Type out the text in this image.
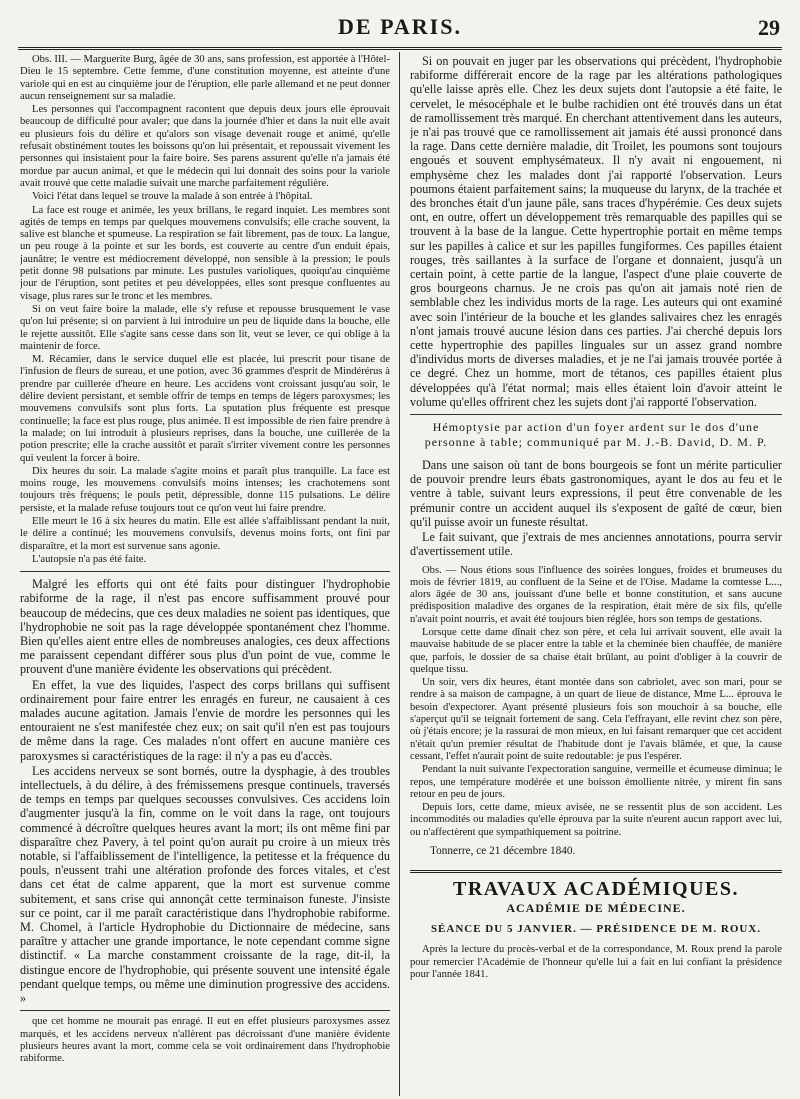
DE PARIS.	29

Obs. III. — Marguerite Burg, âgée de 30 ans, sans profession, est apportée à l'Hôtel-Dieu le 15 septembre. Cette femme, d'une constitution moyenne, est atteinte d'une variole qui en est au cinquième jour de l'éruption, elle parle allemand et ne peut donner aucun renseignement sur sa maladie.

Les personnes qui l'accompagnent racontent que depuis deux jours elle éprouvait beaucoup de difficulté pour avaler; que dans la journée d'hier et dans la nuit elle avait eu plusieurs fois du délire et qu'alors son visage devenait rouge et animé, qu'elle refusait obstinément toutes les boissons qu'on lui présentait, et repoussait vivement les personnes qui insistaient pour la faire boire. Ses parens assurent qu'elle n'a jamais été mordue par aucun animal, et que le médecin qui lui donnait des soins pour la variole avait trouvé que cette maladie suivait une marche parfaitement régulière.

Voici l'état dans lequel se trouve la malade à son entrée à l'hôpital.

La face est rouge et animée, les yeux brillans, le regard inquiet. Les membres sont agités de temps en temps par quelques mouvemens convulsifs; elle crache souvent, la salive est blanche et spumeuse. La respiration se fait librement, pas de toux. La langue, un peu rouge à la pointe et sur les bords, est couverte au centre d'un enduit épais, jaunâtre; le ventre est médiocrement développé, non sensible à la pression; le pouls petit donne 98 pulsations par minute. Les pustules varioliques, quoiqu'au cinquième jour de l'éruption, sont petites et peu développées, elles sont presque confluentes au visage, plus rares sur le tronc et les membres.

Si on veut faire boire la malade, elle s'y refuse et repousse brusquement le vase qu'on lui présente; si on parvient à lui introduire un peu de liquide dans la bouche, elle le rejette aussitôt. Elle s'agite sans cesse dans son lit, veut se lever, ce qui oblige à la maintenir de force.

M. Récamier, dans le service duquel elle est placée, lui prescrit pour tisane de l'infusion de fleurs de sureau, et une potion, avec 36 grammes d'esprit de Mindérérus à prendre par cuillerée d'heure en heure. Les accidens vont croissant jusqu'au soir, le délire devient persistant, et semble offrir de temps en temps de légers paroxysmes; les mouvemens convulsifs sont plus forts. La sputation plus fréquente est presque continuelle; la face est plus rouge, plus animée. Il est impossible de rien faire prendre à la malade; on lui introduit à plusieurs reprises, dans la bouche, une cuillerée de la potion prescrite; elle la crache aussitôt et paraît s'irriter vivement contre les personnes qui veulent la forcer à boire.

Dix heures du soir. La malade s'agite moins et paraît plus tranquille. La face est moins rouge, les mouvemens convulsifs moins intenses; les crachotemens sont toujours très fréquens; le pouls petit, dépressible, donne 115 pulsations. Le délire persiste, et la malade refuse toujours tout ce qu'on veut lui faire prendre.

Elle meurt le 16 à six heures du matin. Elle est allée s'affaiblissant pendant la nuit, le délire a continué; les mouvemens convulsifs, devenus moins forts, ont fini par disparaître, et la mort est survenue sans agonie.

L'autopsie n'a pas été faite.

Malgré les efforts qui ont été faits pour distinguer l'hydrophobie rabiforme de la rage, il n'est pas encore suffisamment prouvé pour beaucoup de médecins, que ces deux maladies ne soient pas identiques, que l'hydrophobie ne soit pas la rage développée spontanément chez l'homme. Bien qu'elles aient entre elles de nombreuses analogies, ces deux affections me paraissent cependant différer sous plus d'un point de vue, comme le prouvent d'une manière évidente les observations qui précèdent.

En effet, la vue des liquides, l'aspect des corps brillans qui suffisent ordinairement pour faire entrer les enragés en fureur, ne causaient à ces malades aucune agitation. Jamais l'envie de mordre les personnes qui les entouraient ne s'est manifestée chez eux; on sait qu'il n'en est pas toujours de même dans la rage. Ces malades n'ont offert en aucune manière ces paroxysmes si caractéristiques de la rage: il n'y a pas eu d'accès.

Les accidens nerveux se sont bornés, outre la dysphagie, à des troubles intellectuels, à du délire, à des frémissemens presque continuels, traversés de temps en temps par quelques secousses convulsives. Ces accidens loin d'augmenter jusqu'à la fin, comme on le voit dans la rage, ont toujours commencé à décroître quelques heures avant la mort; ils ont même fini par disparaître chez Pavery, à tel point qu'on aurait pu croire à un mieux très notable, si l'affaiblissement de l'intelligence, la petitesse et la fréquence du pouls, n'eussent trahi une altération profonde des forces vitales, et c'est dans cet état de calme apparent, que la mort est survenue comme subitement, et sans crise qui annonçât cette terminaison funeste. J'insiste sur ce point, car il me paraît caractéristique dans l'hydrophobie rabiforme. M. Chomel, à l'article Hydrophobie du Dictionnaire de médecine, sans paraître y attacher une grande importance, le note cependant comme signe distinctif. « La marche constamment croissante de la rage, dit-il, la distingue encore de l'hydrophobie, qui présente souvent une intensité égale pendant quelque temps, ou même une diminution progressive des accidens. »

que cet homme ne mourait pas enragé. Il eut en effet plusieurs paroxysmes assez marqués, et les accidens nerveux n'allèrent pas décroissant d'une manière évidente plusieurs heures avant la mort, comme cela se voit ordinairement dans l'hydrophobie rabiforme.

Si on pouvait en juger par les observations qui précèdent, l'hydrophobie rabiforme différerait encore de la rage par les altérations pathologiques qu'elle laisse après elle. Chez les deux sujets dont l'autopsie a été faite, le cervelet, le mésocéphale et le bulbe rachidien ont été trouvés dans un état de ramollissement très marqué. En cherchant attentivement dans les auteurs, je n'ai pas trouvé que ce ramollissement ait jamais été aussi prononcé dans la rage. Dans cette dernière maladie, dit Troilet, les poumons sont toujours engoués et souvent emphysémateux. Il n'y avait ni engouement, ni emphysème chez les malades dont j'ai rapporté l'observation. Leurs poumons étaient parfaitement sains; la muqueuse du larynx, de la trachée et des bronches était d'un jaune pâle, sans traces d'hypérémie. Ces deux sujets ont, en outre, offert un développement très remarquable des papilles qui se trouvent à la base de la langue. Cette hypertrophie portait en même temps sur les papilles à calice et sur les papilles fungiformes. Ces papilles étaient rouges, très saillantes à la surface de l'organe et donnaient, jusqu'à un certain point, à cette partie de la langue, l'aspect d'une plaie couverte de gros bourgeons charnus. Je ne crois pas qu'on ait jamais noté rien de semblable chez les individus morts de la rage. Les auteurs qui ont examiné avec soin l'intérieur de la bouche et les glandes salivaires chez les enragés n'ont jamais trouvé aucune lésion dans ces parties. J'ai cherché depuis lors cette hypertrophie des papilles linguales sur un assez grand nombre d'individus morts de diverses maladies, et je ne l'ai jamais trouvée portée à ce degré. Chez un homme, mort de tétanos, ces papilles étaient plus développées qu'à l'état normal; mais elles étaient loin d'avoir atteint le volume qu'elles offrirent chez les sujets dont j'ai rapporté l'observation.

Hémoptysie par action d'un foyer ardent sur le dos d'une personne à table; communiqué par M. J.-B. David, D. M. P.

Dans une saison où tant de bons bourgeois se font un mérite particulier de pouvoir prendre leurs ébats gastronomiques, ayant le dos au feu et le ventre à table, suivant leurs expressions, il peut être convenable de les prémunir contre un accident auquel ils s'exposent de gaîté de cœur, bien qu'il puisse avoir un funeste résultat.

Le fait suivant, que j'extrais de mes anciennes annotations, pourra servir d'avertissement utile.

Obs. — Nous étions sous l'influence des soirées longues, froides et brumeuses du mois de février 1819, au confluent de la Seine et de l'Oise. Madame la comtesse L..., alors âgée de 30 ans, jouissant d'une belle et bonne constitution, et sans aucune prédisposition maladive des organes de la respiration, était mère de six fils, qu'elle n'avait point nourris, et avait été toujours bien réglée, hors son temps de gestations.

Lorsque cette dame dînait chez son père, et cela lui arrivait souvent, elle avait la mauvaise habitude de se placer entre la table et la cheminée bien chauffée, de manière que, parfois, le dossier de sa chaise était brûlant, au point d'obliger à la couvrir de quelque tissu.

Un soir, vers dix heures, étant montée dans son cabriolet, avec son mari, pour se rendre à sa maison de campagne, à un quart de lieue de distance, Mme L... éprouva le besoin d'expectorer. Ayant présenté plusieurs fois son mouchoir à sa bouche, elle s'aperçut qu'il se teignait fortement de sang. Cela l'effrayant, elle revint chez son père, où j'étais encore; je la rassurai de mon mieux, en lui faisant remarquer que cet accident n'était qu'un premier résultat de l'habitude dont je l'avais blâmée, et que, la cause cessant, l'effet n'aurait point de suite redoutable: je pus l'espérer.

Pendant la nuit suivante l'expectoration sanguine, vermeille et écumeuse diminua; le repos, une température modérée et une boisson émolliente nitrée, y mirent fin sans retour en peu de jours.

Depuis lors, cette dame, mieux avisée, ne se ressentit plus de son accident. Les incommodités ou maladies qu'elle éprouva par la suite n'eurent aucun rapport avec lui, ou n'affectèrent que sympathiquement sa poitrine.

Tonnerre, ce 21 décembre 1840.
TRAVAUX ACADÉMIQUES.
ACADÉMIE DE MÉDECINE.
SÉANCE DU 5 JANVIER. — PRÉSIDENCE DE M. ROUX.

Après la lecture du procès-verbal et de la correspondance, M. Roux prend la parole pour remercier l'Académie de l'honneur qu'elle lui a fait en lui confiant la présidence pour l'année 1841.
